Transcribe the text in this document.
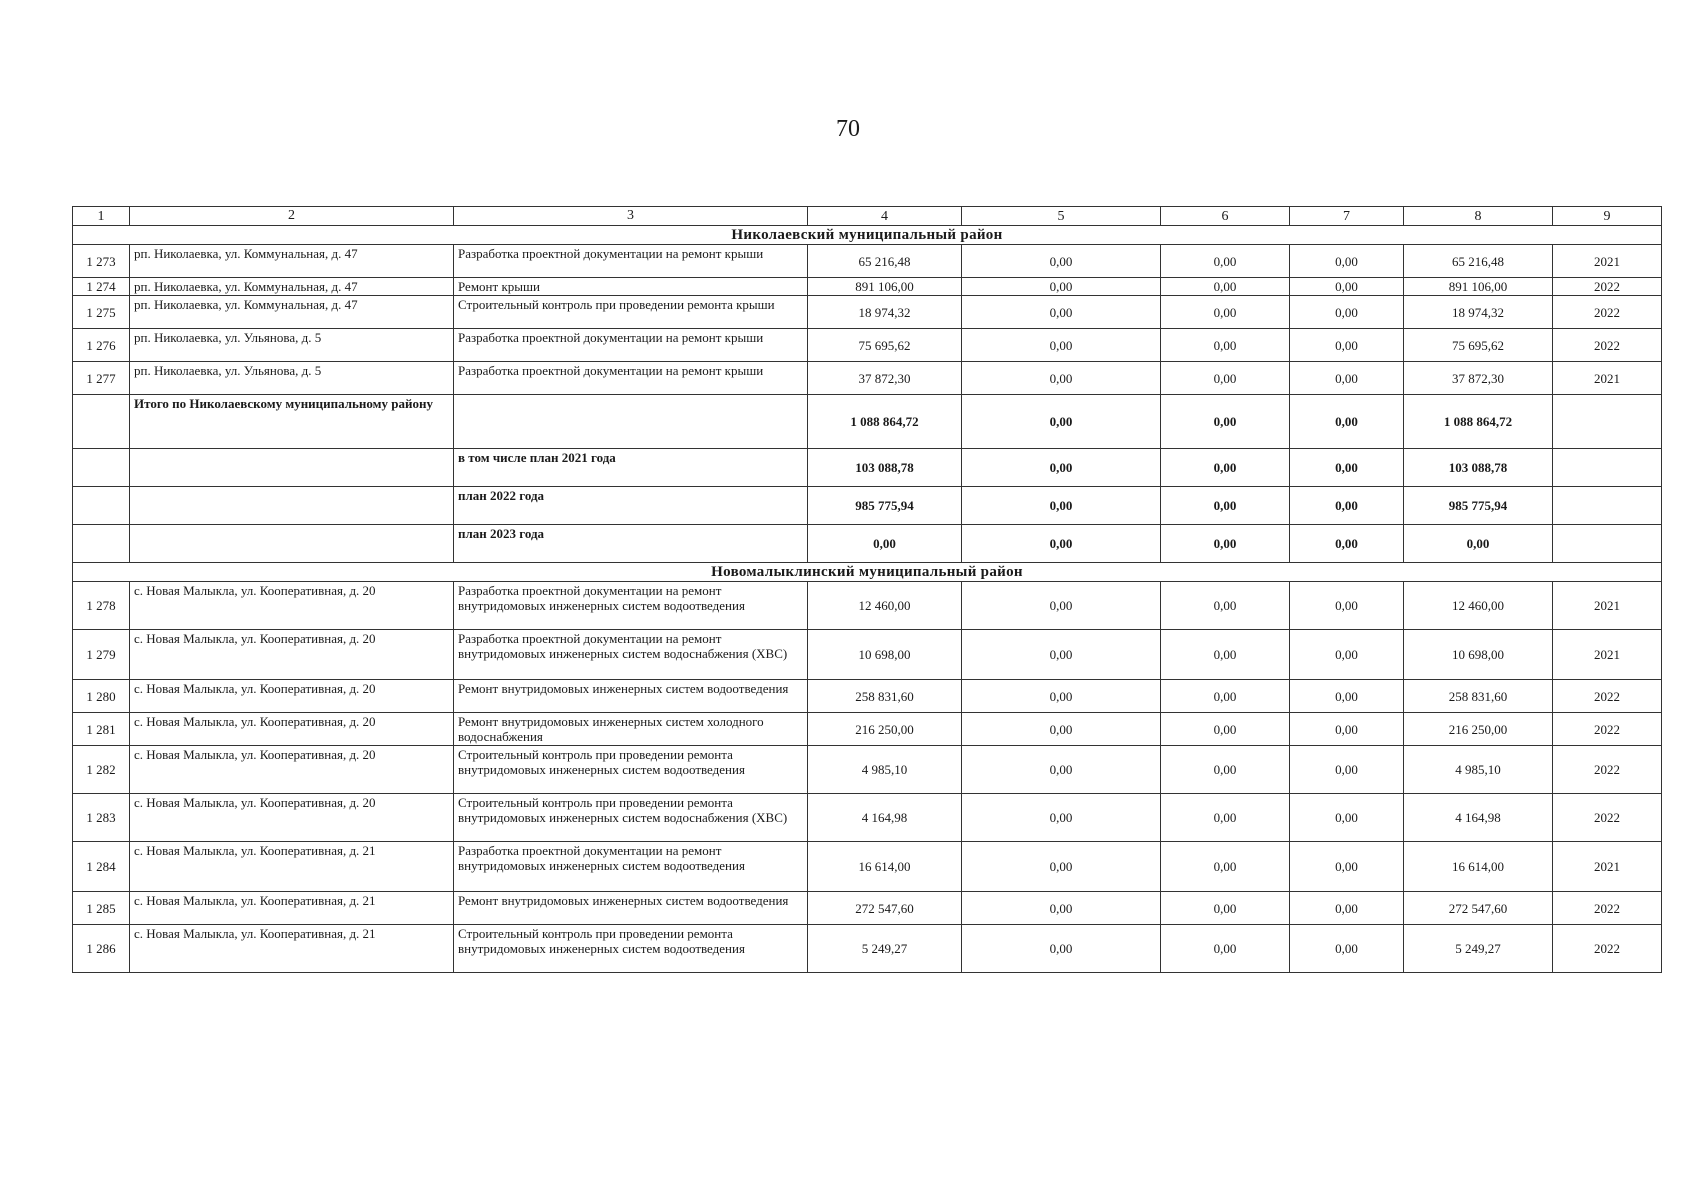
70
1	2	3	4	5	6	7	8	9
Николаевский муниципальный район								
1 273	рп. Николаевка, ул. Коммунальная, д. 47	Разработка проектной документации на ремонт крыши	65 216,48	0,00	0,00	0,00	65 216,48	2021
1 274	рп. Николаевка, ул. Коммунальная, д. 47	Ремонт крыши	891 106,00	0,00	0,00	0,00	891 106,00	2022
1 275	рп. Николаевка, ул. Коммунальная, д. 47	Строительный контроль при проведении ремонта крыши	18 974,32	0,00	0,00	0,00	18 974,32	2022
1 276	рп. Николаевка, ул. Ульянова, д. 5	Разработка проектной документации на ремонт крыши	75 695,62	0,00	0,00	0,00	75 695,62	2022
1 277	рп. Николаевка, ул. Ульянова, д. 5	Разработка проектной документации на ремонт крыши	37 872,30	0,00	0,00	0,00	37 872,30	2021
	Итого по Николаевскому муниципальному району		1 088 864,72	0,00	0,00	0,00	1 088 864,72	
		в том числе план 2021 года	103 088,78	0,00	0,00	0,00	103 088,78	
		план 2022 года	985 775,94	0,00	0,00	0,00	985 775,94	
		план 2023 года	0,00	0,00	0,00	0,00	0,00	
Новомалыклинский муниципальный район								
1 278	с. Новая Малыкла, ул. Кооперативная, д. 20	Разработка проектной документации на ремонт внутридомовых инженерных систем водоотведения	12 460,00	0,00	0,00	0,00	12 460,00	2021
1 279	с. Новая Малыкла, ул. Кооперативная, д. 20	Разработка проектной документации на ремонт внутридомовых инженерных систем водоснабжения (ХВС)	10 698,00	0,00	0,00	0,00	10 698,00	2021
1 280	с. Новая Малыкла, ул. Кооперативная, д. 20	Ремонт внутридомовых инженерных систем водоотведения	258 831,60	0,00	0,00	0,00	258 831,60	2022
1 281	с. Новая Малыкла, ул. Кооперативная, д. 20	Ремонт внутридомовых инженерных систем холодного водоснабжения	216 250,00	0,00	0,00	0,00	216 250,00	2022
1 282	с. Новая Малыкла, ул. Кооперативная, д. 20	Строительный контроль при проведении ремонта внутридомовых инженерных систем водоотведения	4 985,10	0,00	0,00	0,00	4 985,10	2022
1 283	с. Новая Малыкла, ул. Кооперативная, д. 20	Строительный контроль при проведении ремонта внутридомовых инженерных систем водоснабжения (ХВС)	4 164,98	0,00	0,00	0,00	4 164,98	2022
1 284	с. Новая Малыкла, ул. Кооперативная, д. 21	Разработка проектной документации на ремонт внутридомовых инженерных систем водоотведения	16 614,00	0,00	0,00	0,00	16 614,00	2021
1 285	с. Новая Малыкла, ул. Кооперативная, д. 21	Ремонт внутридомовых инженерных систем водоотведения	272 547,60	0,00	0,00	0,00	272 547,60	2022
1 286	с. Новая Малыкла, ул. Кооперативная, д. 21	Строительный контроль при проведении ремонта внутридомовых инженерных систем водоотведения	5 249,27	0,00	0,00	0,00	5 249,27	2022
